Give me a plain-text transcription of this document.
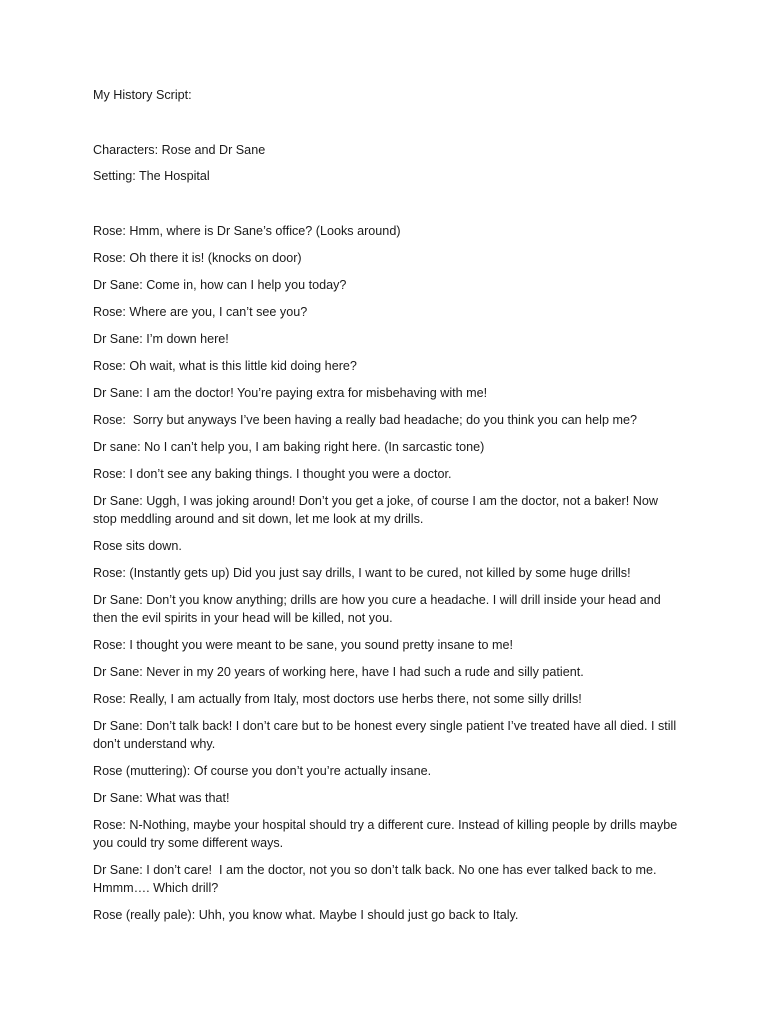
My History Script:

Characters: Rose and Dr Sane

Setting: The Hospital

Rose: Hmm, where is Dr Sane’s office? (Looks around)

Rose: Oh there it is! (knocks on door)

Dr Sane: Come in, how can I help you today?

Rose: Where are you, I can’t see you?

Dr Sane: I’m down here!

Rose: Oh wait, what is this little kid doing here?

Dr Sane: I am the doctor! You’re paying extra for misbehaving with me!

Rose:  Sorry but anyways I’ve been having a really bad headache; do you think you can help me?

Dr sane: No I can’t help you, I am baking right here. (In sarcastic tone)

Rose: I don’t see any baking things. I thought you were a doctor.

Dr Sane: Uggh, I was joking around! Don’t you get a joke, of course I am the doctor, not a baker! Now stop meddling around and sit down, let me look at my drills.

Rose sits down.

Rose: (Instantly gets up) Did you just say drills, I want to be cured, not killed by some huge drills!

Dr Sane: Don’t you know anything; drills are how you cure a headache. I will drill inside your head and then the evil spirits in your head will be killed, not you.

Rose: I thought you were meant to be sane, you sound pretty insane to me!

Dr Sane: Never in my 20 years of working here, have I had such a rude and silly patient.

Rose: Really, I am actually from Italy, most doctors use herbs there, not some silly drills!

Dr Sane: Don’t talk back! I don’t care but to be honest every single patient I’ve treated have all died. I still don’t understand why.

Rose (muttering): Of course you don’t you’re actually insane.

Dr Sane: What was that!

Rose: N-Nothing, maybe your hospital should try a different cure. Instead of killing people by drills maybe you could try some different ways.

Dr Sane: I don’t care!  I am the doctor, not you so don’t talk back. No one has ever talked back to me. Hmmm…. Which drill?

Rose (really pale): Uhh, you know what. Maybe I should just go back to Italy.
